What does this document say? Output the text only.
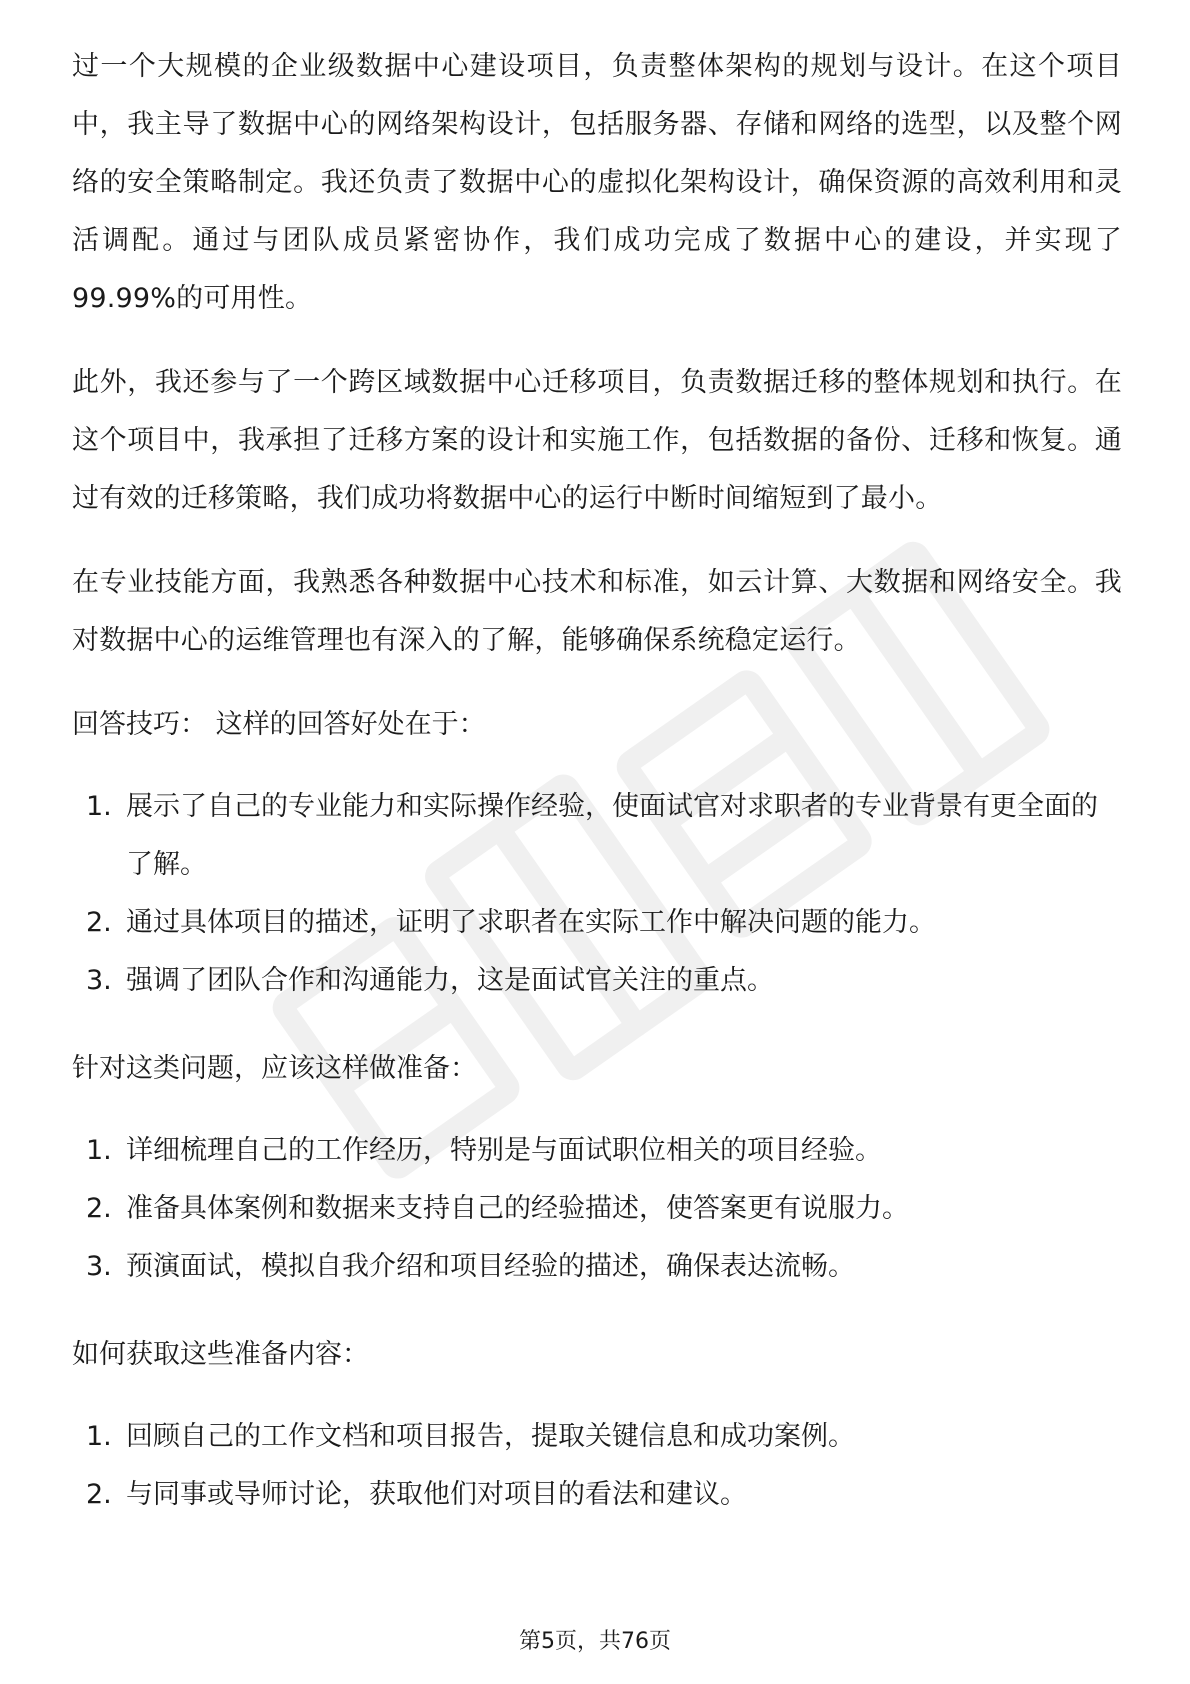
过一个大规模的企业级数据中心建设项目，负责整体架构的规划与设计。在这个项目中，我主导了数据中心的网络架构设计，包括服务器、存储和网络的选型，以及整个网络的安全策略制定。我还负责了数据中心的虚拟化架构设计，确保资源的高效利用和灵活调配。通过与团队成员紧密协作，我们成功完成了数据中心的建设，并实现了99.99%的可用性。

此外，我还参与了一个跨区域数据中心迁移项目，负责数据迁移的整体规划和执行。在这个项目中，我承担了迁移方案的设计和实施工作，包括数据的备份、迁移和恢复。通过有效的迁移策略，我们成功将数据中心的运行中断时间缩短到了最小。

在专业技能方面，我熟悉各种数据中心技术和标准，如云计算、大数据和网络安全。我对数据中心的运维管理也有深入的了解，能够确保系统稳定运行。

回答技巧： 这样的回答好处在于：
1. 展示了自己的专业能力和实际操作经验，使面试官对求职者的专业背景有更全面的了解。
2. 通过具体项目的描述，证明了求职者在实际工作中解决问题的能力。
3. 强调了团队合作和沟通能力，这是面试官关注的重点。
针对这类问题，应该这样做准备：
1. 详细梳理自己的工作经历，特别是与面试职位相关的项目经验。
2. 准备具体案例和数据来支持自己的经验描述，使答案更有说服力。
3. 预演面试，模拟自我介绍和项目经验的描述，确保表达流畅。
如何获取这些准备内容：
1. 回顾自己的工作文档和项目报告，提取关键信息和成功案例。
2. 与同事或导师讨论，获取他们对项目的看法和建议。
第5页，共76页
